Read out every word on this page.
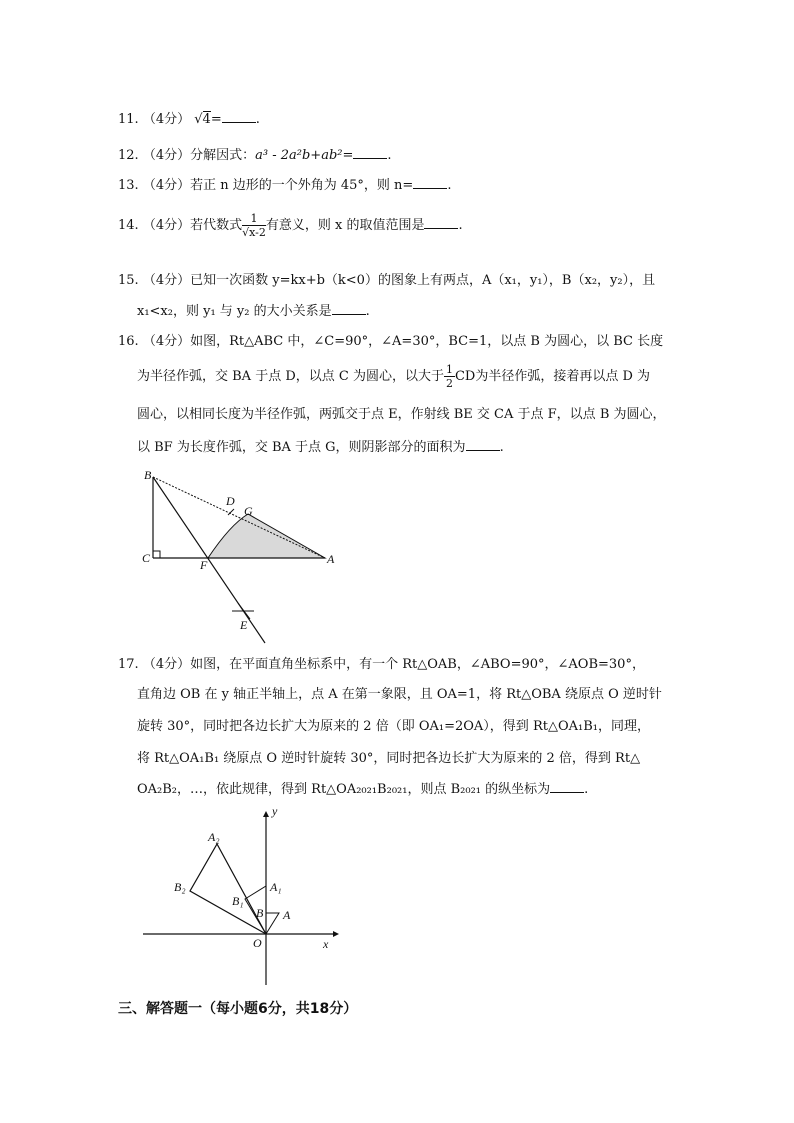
11. （4分） √4=	.
12. （4分）分解因式：a³ - 2a²b+ab²=	.
13. （4分）若正 n 边形的一个外角为 45°，则 n=	.
14. （4分）若代数式 $\frac{1}{√x-2}$ 有意义，则 x 的取值范围是	.
15. （4分）已知一次函数 y=kx+b（k<0）的图象上有两点，A（x₁，y₁），B（x₂，y₂），且
x₁<x₂，则 y₁ 与 y₂ 的大小关系是	.
16. （4分）如图，Rt△ABC 中，∠C=90°，∠A=30°，BC=1，以点 B 为圆心，以 BC 长度
为半径作弧，交 BA 于点 D，以点 C 为圆心，以大于 $\frac{1}{2}$ CD为半径作弧，接着再以点 D 为
圆心，以相同长度为半径作弧，两弧交于点 E，作射线 BE 交 CA 于点 F，以点 B 为圆心，
以 BF 为长度作弧，交 BA 于点 G，则阴影部分的面积为	.
B
C	A
D
G
F
E
17. （4分）如图，在平面直角坐标系中，有一个 Rt△OAB，∠ABO=90°，∠AOB=30°，
直角边 OB 在 y 轴正半轴上，点 A 在第一象限，且 OA=1，将 Rt△OBA 绕原点 O 逆时针
旋转 30°，同时把各边长扩大为原来的 2 倍（即 OA₁=2OA），得到 Rt△OA₁B₁，同理，
将 Rt△OA₁B₁ 绕原点 O 逆时针旋转 30°，同时把各边长扩大为原来的 2 倍，得到 Rt△
OA₂B₂，…，依此规律，得到 Rt△OA₂₀₂₁B₂₀₂₁，则点 B₂₀₂₁ 的纵坐标为	.
y
x
O
A
B
A₁
B₁
A₂
B₂
三、解答题一（每小题6分，共18分）
